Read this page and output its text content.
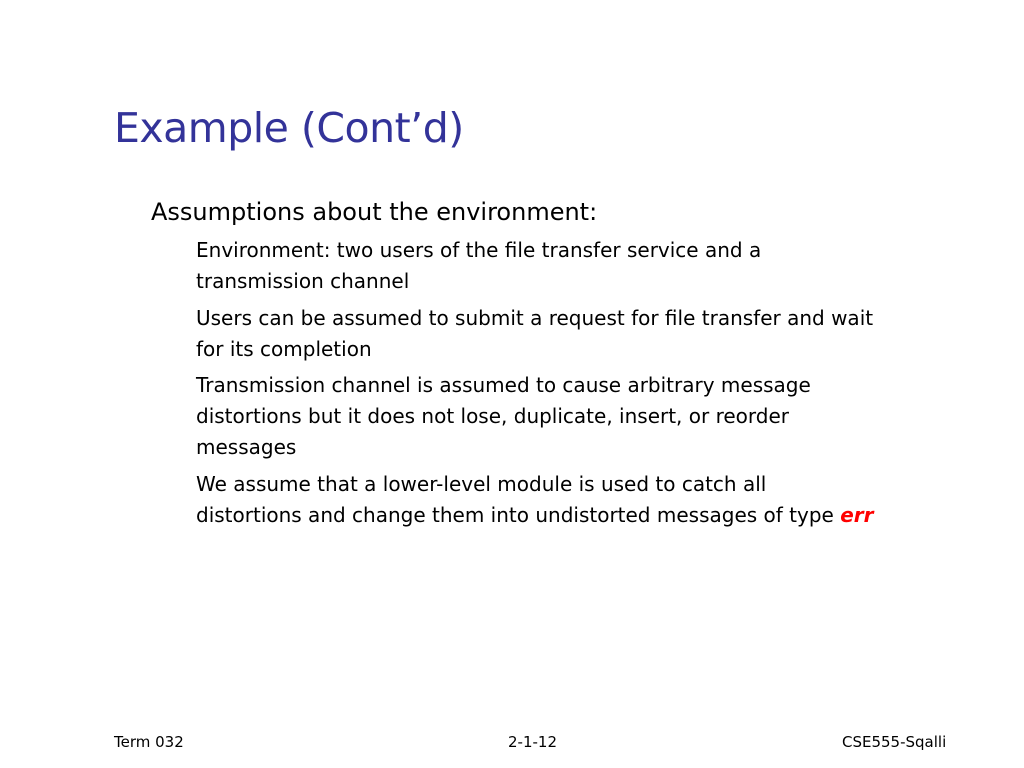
Example (Cont’d)
Assumptions about the environment:
Environment: two users of the file transfer service and a
transmission channel
Users can be assumed to submit a request for file transfer and wait
for its completion
Transmission channel is assumed to cause arbitrary message
distortions but it does not lose, duplicate, insert, or reorder
messages
We assume that a lower-level module is used to catch all
distortions and change them into undistorted messages of type err
Term 032	2-1-12	CSE555-Sqalli
